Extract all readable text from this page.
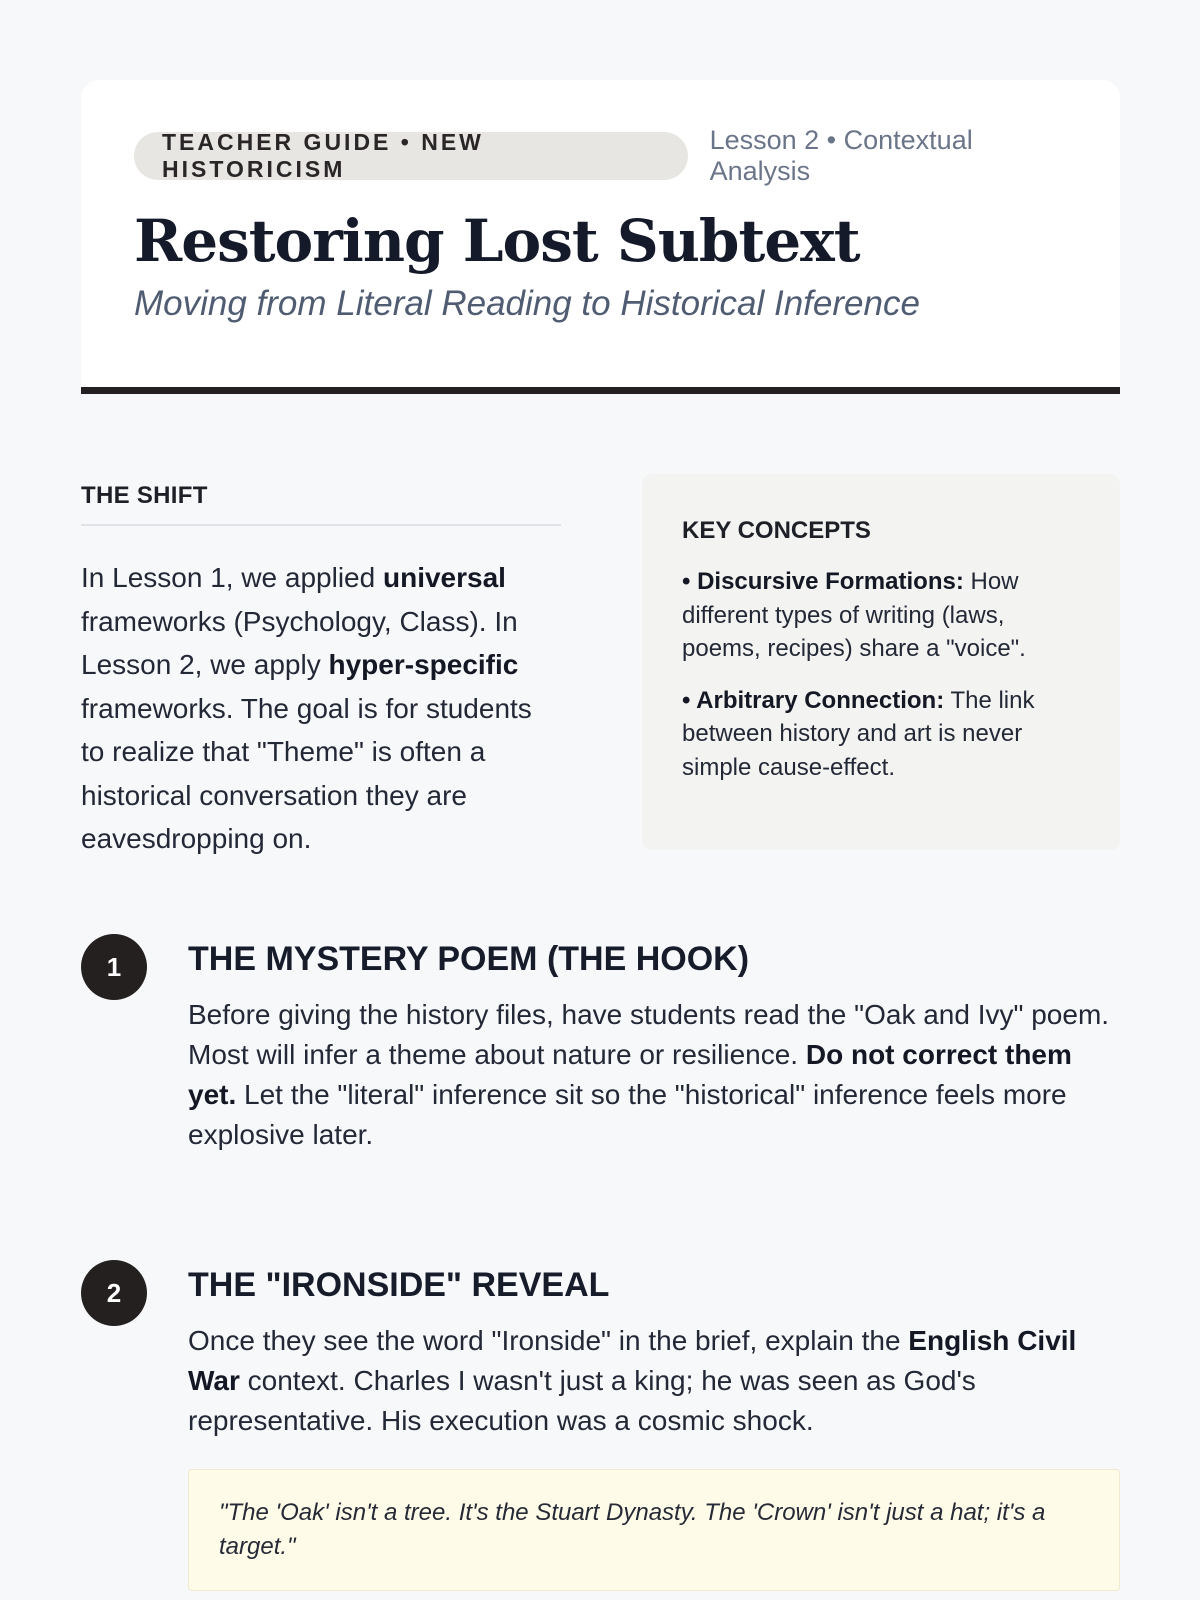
TEACHER GUIDE • NEW HISTORICISM
Lesson 2 • Contextual Analysis
Restoring Lost Subtext
Moving from Literal Reading to Historical Inference
THE SHIFT

In Lesson 1, we applied universal frameworks (Psychology, Class). In Lesson 2, we apply hyper-specific frameworks. The goal is for students to realize that "Theme" is often a historical conversation they are eavesdropping on.

KEY CONCEPTS

• Discursive Formations: How different types of writing (laws, poems, recipes) share a "voice".

• Arbitrary Connection: The link between history and art is never simple cause-effect.

1	THE MYSTERY POEM (THE HOOK)

Before giving the history files, have students read the "Oak and Ivy" poem. Most will infer a theme about nature or resilience. Do not correct them yet. Let the "literal" inference sit so the "historical" inference feels more explosive later.

2	THE "IRONSIDE" REVEAL

Once they see the word "Ironside" in the brief, explain the English Civil War context. Charles I wasn't just a king; he was seen as God's representative. His execution was a cosmic shock.

"The 'Oak' isn't a tree. It's the Stuart Dynasty. The 'Crown' isn't just a hat; it's a target."
